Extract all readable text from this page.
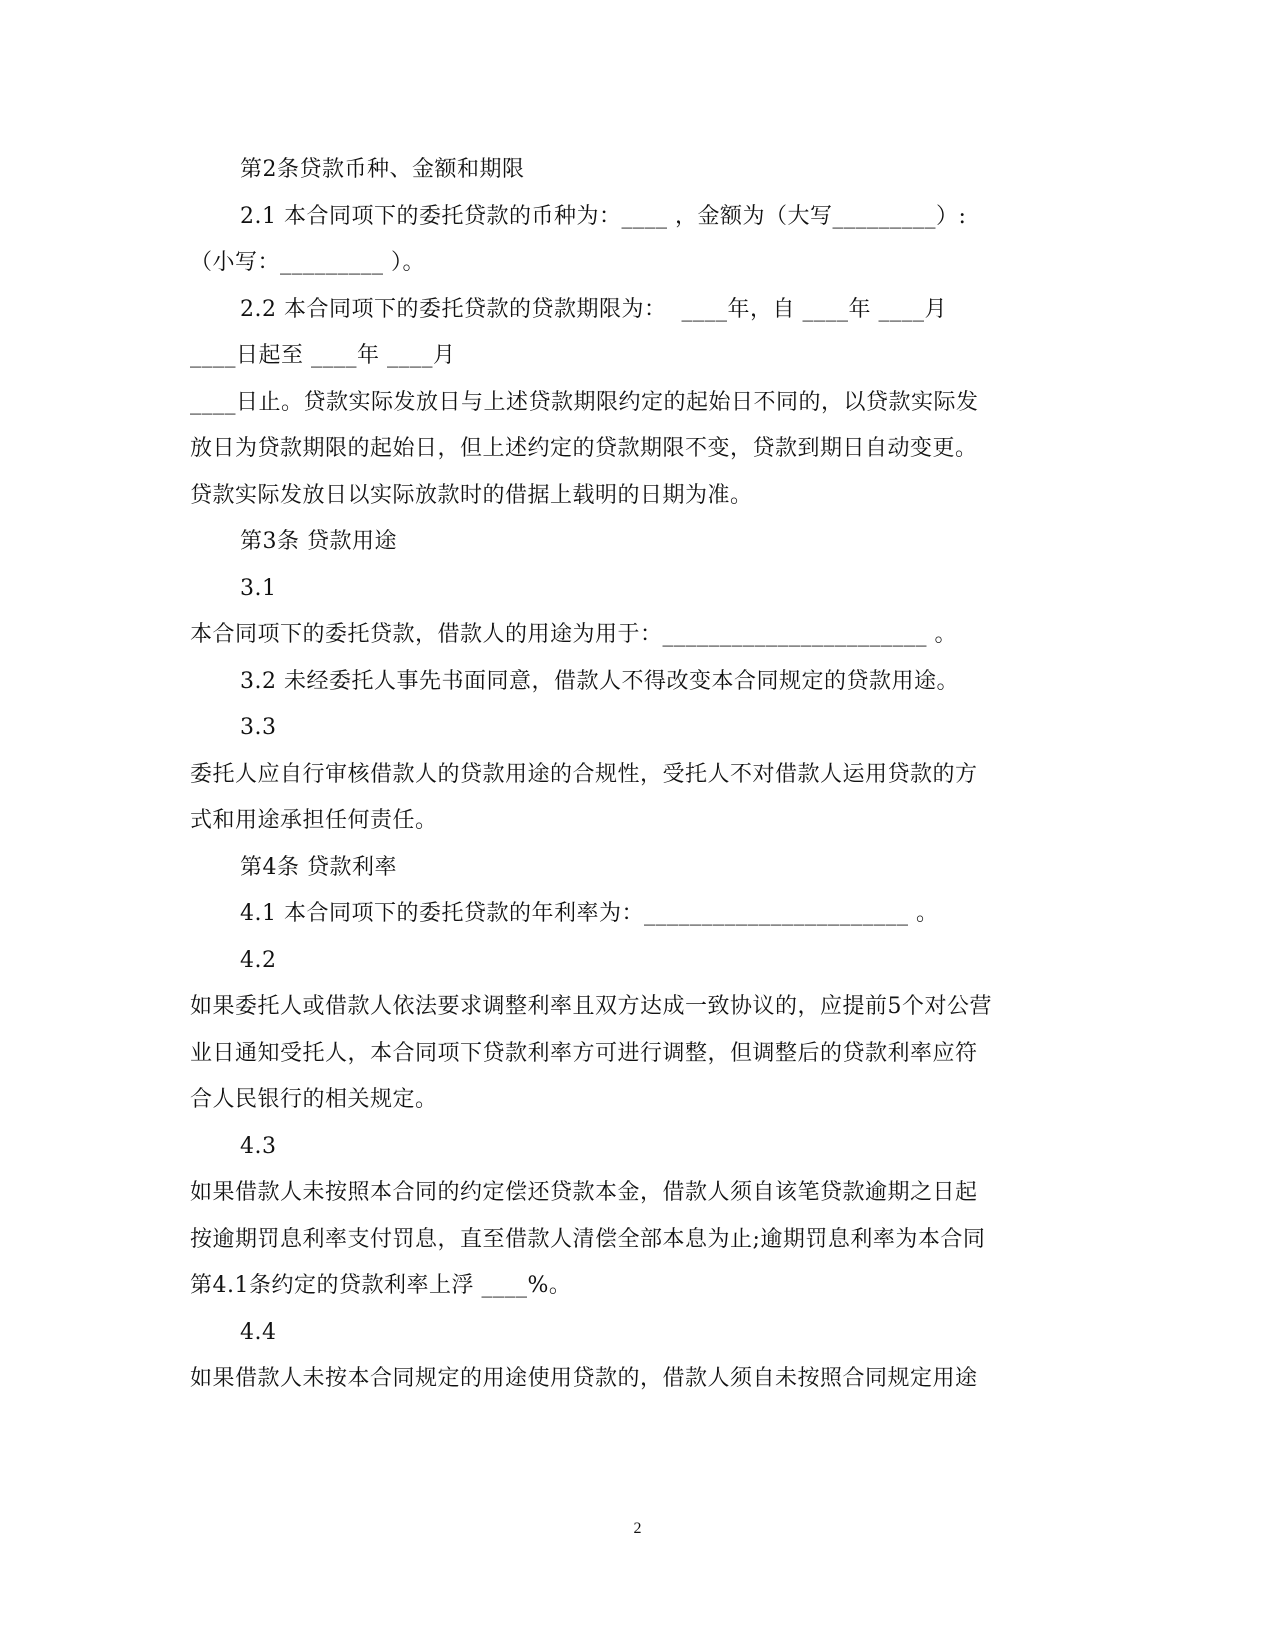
第2条贷款币种、金额和期限
2.1 本合同项下的委托贷款的币种为：____ ，金额为（大写_________）:
（小写：_________ ）。
2.2 本合同项下的委托贷款的贷款期限为：  ____年，自 ____年 ____月
____日起至 ____年 ____月
____日止。贷款实际发放日与上述贷款期限约定的起始日不同的，以贷款实际发
放日为贷款期限的起始日，但上述约定的贷款期限不变，贷款到期日自动变更。
贷款实际发放日以实际放款时的借据上载明的日期为准。
第3条 贷款用途
3.1
本合同项下的委托贷款，借款人的用途为用于：_______________________ 。
3.2 未经委托人事先书面同意，借款人不得改变本合同规定的贷款用途。
3.3
委托人应自行审核借款人的贷款用途的合规性，受托人不对借款人运用贷款的方
式和用途承担任何责任。
第4条 贷款利率
4.1 本合同项下的委托贷款的年利率为：_______________________ 。
4.2
如果委托人或借款人依法要求调整利率且双方达成一致协议的，应提前5个对公营
业日通知受托人，本合同项下贷款利率方可进行调整，但调整后的贷款利率应符
合人民银行的相关规定。
4.3
如果借款人未按照本合同的约定偿还贷款本金，借款人须自该笔贷款逾期之日起
按逾期罚息利率支付罚息，直至借款人清偿全部本息为止;逾期罚息利率为本合同
第4.1条约定的贷款利率上浮 ____%。
4.4
如果借款人未按本合同规定的用途使用贷款的，借款人须自未按照合同规定用途
2
